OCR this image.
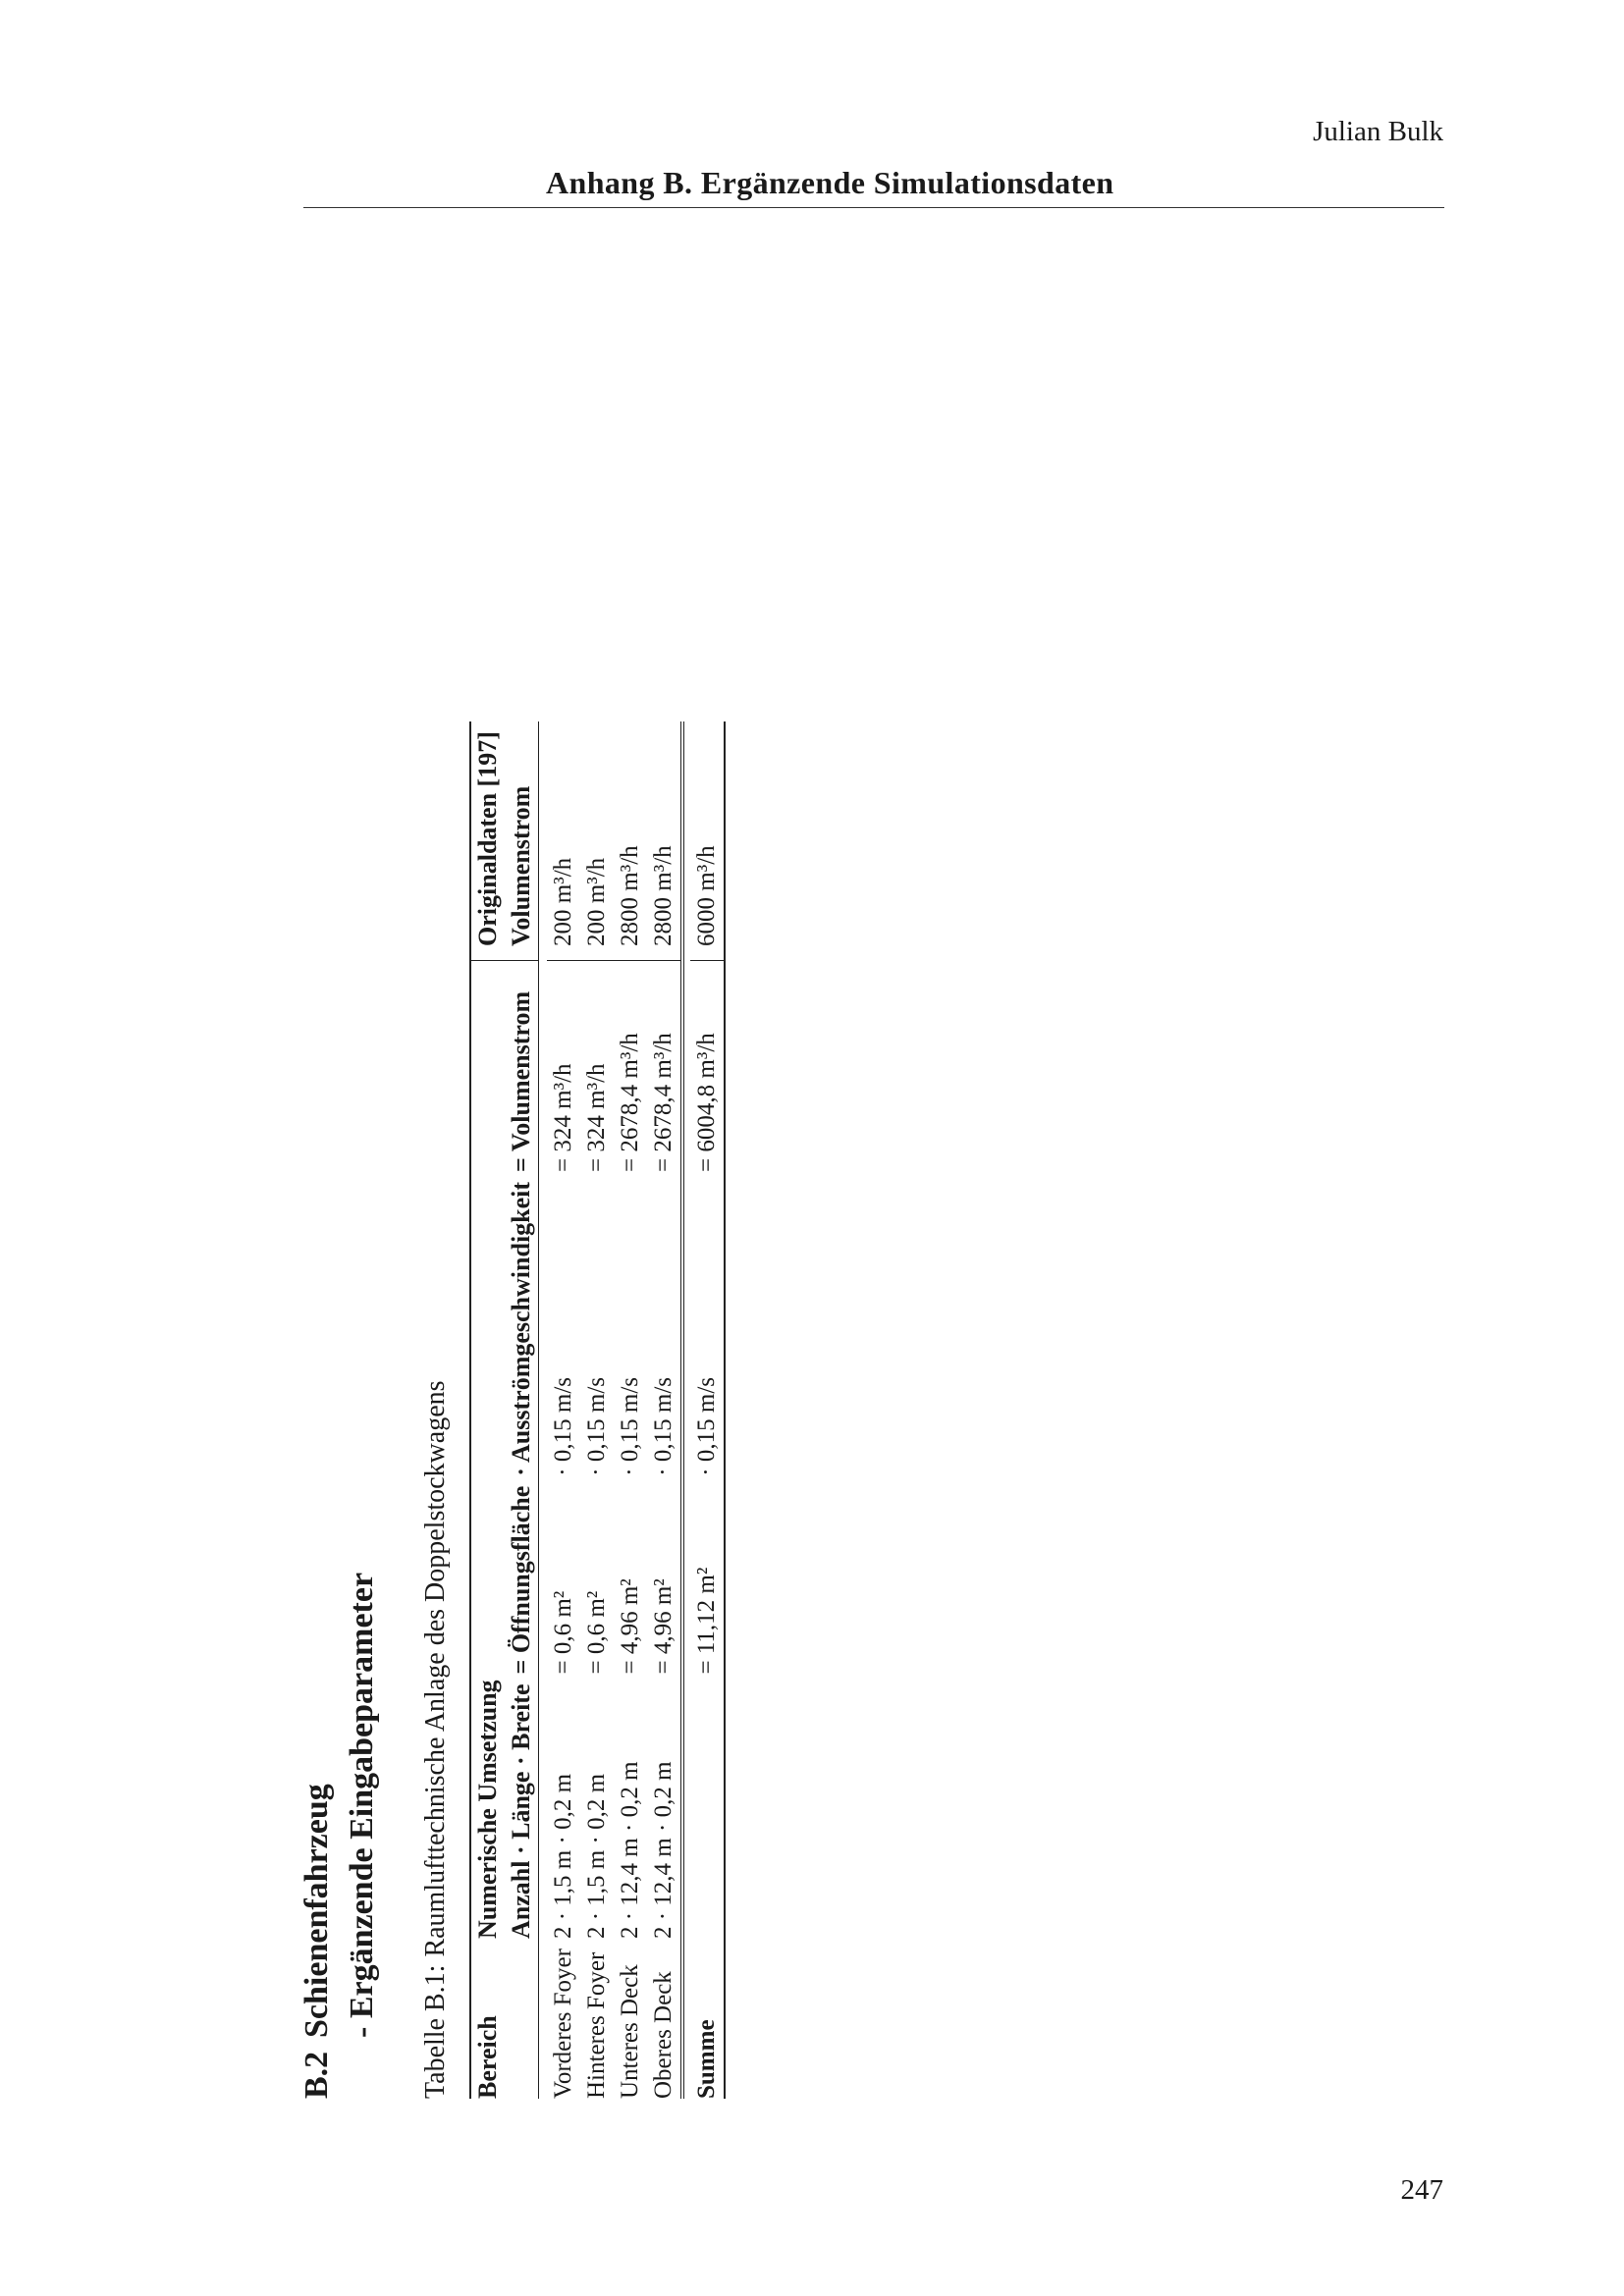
Julian Bulk
Anhang B. Ergänzende Simulationsdaten
B.2Schienenfahrzeug - Ergänzende Eingabeparameter Tabelle B.1:Raumlufttechnische Anlage des Doppelstockwagens

Bereich	Numerische Umsetzung				Originaldaten [197]
	Anzahl · Länge · Breite	= Öffnungsfläche	· Ausströmgeschwindigkeit	= Volumenstrom	Volumenstrom

Vorderes Foyer	2 · 1,5 m · 0,2 m	= 0,6 m²	· 0,15 m/s	= 324 m³/h	200 m³/h
Hinteres Foyer	2 · 1,5 m · 0,2 m	= 0,6 m²	· 0,15 m/s	= 324 m³/h	200 m³/h
Unteres Deck	2 · 12,4 m · 0,2 m	= 4,96 m²	· 0,15 m/s	= 2678,4 m³/h	2800 m³/h
Oberes Deck	2 · 12,4 m · 0,2 m	= 4,96 m²	· 0,15 m/s	= 2678,4 m³/h	2800 m³/h

Summe		= 11,12 m²	· 0,15 m/s	= 6004,8 m³/h	6000 m³/h

247
